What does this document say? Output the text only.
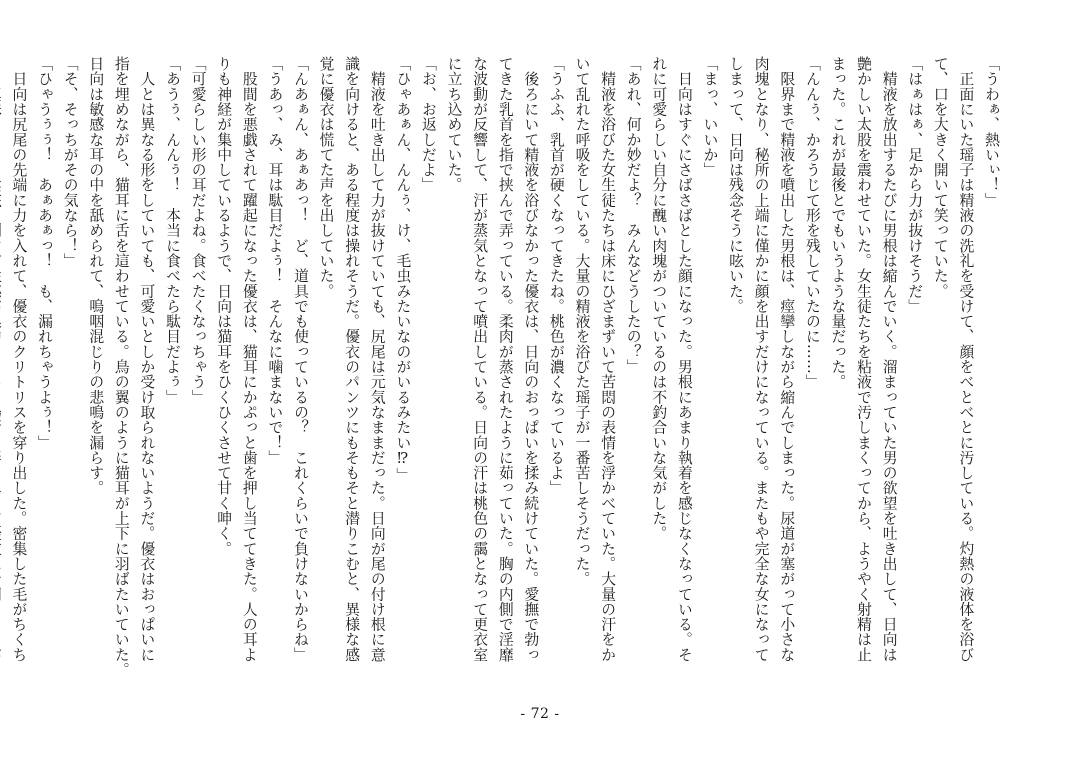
「うわぁ、熱いぃ！」
　正面にいた瑶子は精液の洗礼を受けて、顔をべとべとに汚している。灼熱の液体を浴び
て、口を大きく開いて笑っていた。
「はぁはぁ、足から力が抜けそうだ」
　精液を放出するたびに男根は縮んでいく。溜まっていた男の欲望を吐き出して、日向は
艶かしい太股を震わせていた。女生徒たちを粘液で汚しまくってから、ようやく射精は止
まった。これが最後とでもいうような量だった。
「んんぅ、かろうじて形を残していたのに……」
　限界まで精液を噴出した男根は、痙攣しながら縮んでしまった。尿道が塞がって小さな
肉塊となり、秘所の上端に僅かに顔を出すだけになっている。またもや完全な女になって
しまって、日向は残念そうに呟いた。
「まっ、いいか」
　日向はすぐにさばさばとした顔になった。男根にあまり執着を感じなくなっている。そ
れに可愛らしい自分に醜い肉塊がついているのは不釣合いな気がした。
「あれ、何か妙だよ？　みんなどうしたの？」
　精液を浴びた女生徒たちは床にひざまずいて苦悶の表情を浮かべていた。大量の汗をか
いて乱れた呼吸をしている。大量の精液を浴びた瑶子が一番苦しそうだった。
「うふふ、乳首が硬くなってきたね。桃色が濃くなっているよ」
　後ろにいて精液を浴びなかった優衣は、日向のおっぱいを揉み続けていた。愛撫で勃っ
てきた乳首を指で挟んで弄っている。柔肉が蒸されたように茹っていた。胸の内側で淫靡
な波動が反響して、汗が蒸気となって噴出している。日向の汗は桃色の靄となって更衣室
に立ち込めていた。
「お、お返しだよ」
「ひゃあぁん、んんぅ、け、毛虫みたいなのがいるみたい⁉」
　精液を吐き出して力が抜けていても、尻尾は元気なままだった。日向が尾の付け根に意
識を向けると、ある程度は操れそうだ。優衣のパンツにもそもそと潜りこむと、異様な感
覚に優衣は慌てた声を出していた。
「んあぁん、あぁあっ！　ど、道具でも使っているの？　これくらいで負けないからね」
「うあっ、み、耳は駄目だよぅ！　そんなに噛まないで！」
　股間を悪戯されて躍起になった優衣は、猫耳にかぷっと歯を押し当ててきた。人の耳よ
りも神経が集中しているようで、日向は猫耳をひくひくさせて甘く呻く。
「可愛らしい形の耳だよね。食べたくなっちゃう」
「あうぅ、んんぅ！　本当に食べたら駄目だよぅ」
　人とは異なる形をしていても、可愛いとしか受け取られないようだ。優衣はおっぱいに
指を埋めながら、猫耳に舌を這わせている。鳥の翼のように猫耳が上下に羽ばたいていた。
日向は敏感な耳の中を舐められて、嗚咽混じりの悲鳴を漏らす。
「そ、そっちがその気なら！」
「ひゃうぅぅ！　あぁあぁっ！　も、漏れちゃうよぅ！」
　日向は尻尾の先端に力を入れて、優衣のクリトリスを穿り出した。密集した毛がちくち
- 72 -
